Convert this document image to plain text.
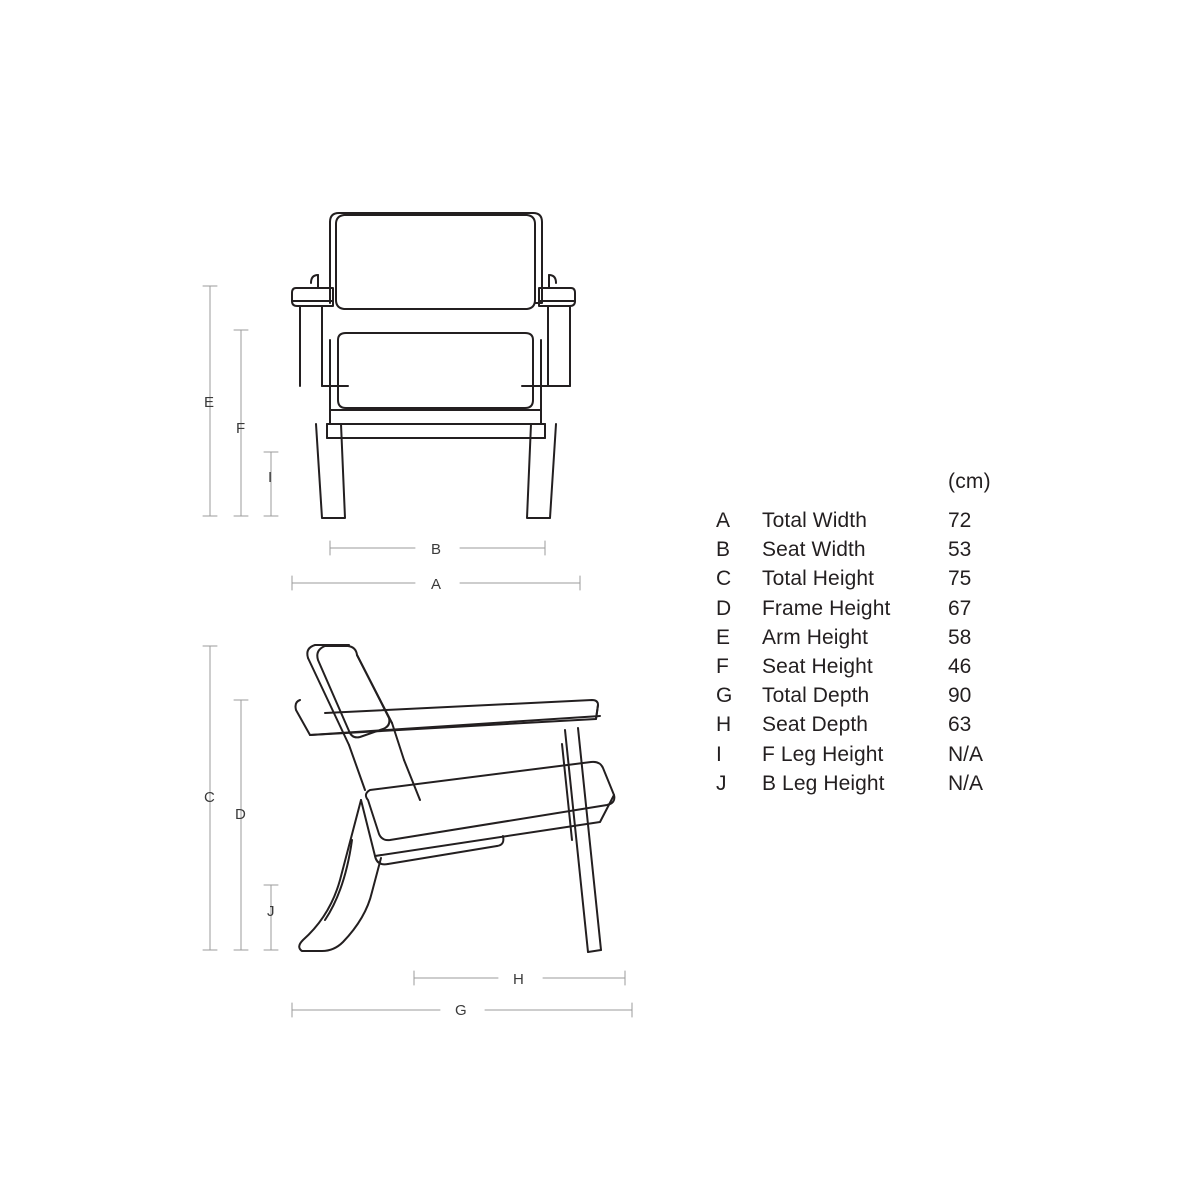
E
F
I
B
A
C
D
J
H
G
(cm)
A	Total Width	72
B	Seat Width	53
C	Total Height	75
D	Frame Height	67
E	Arm Height	58
F	Seat Height	46
G	Total Depth	90
H	Seat Depth	63
I	F Leg Height	N/A
J	B Leg Height	N/A
